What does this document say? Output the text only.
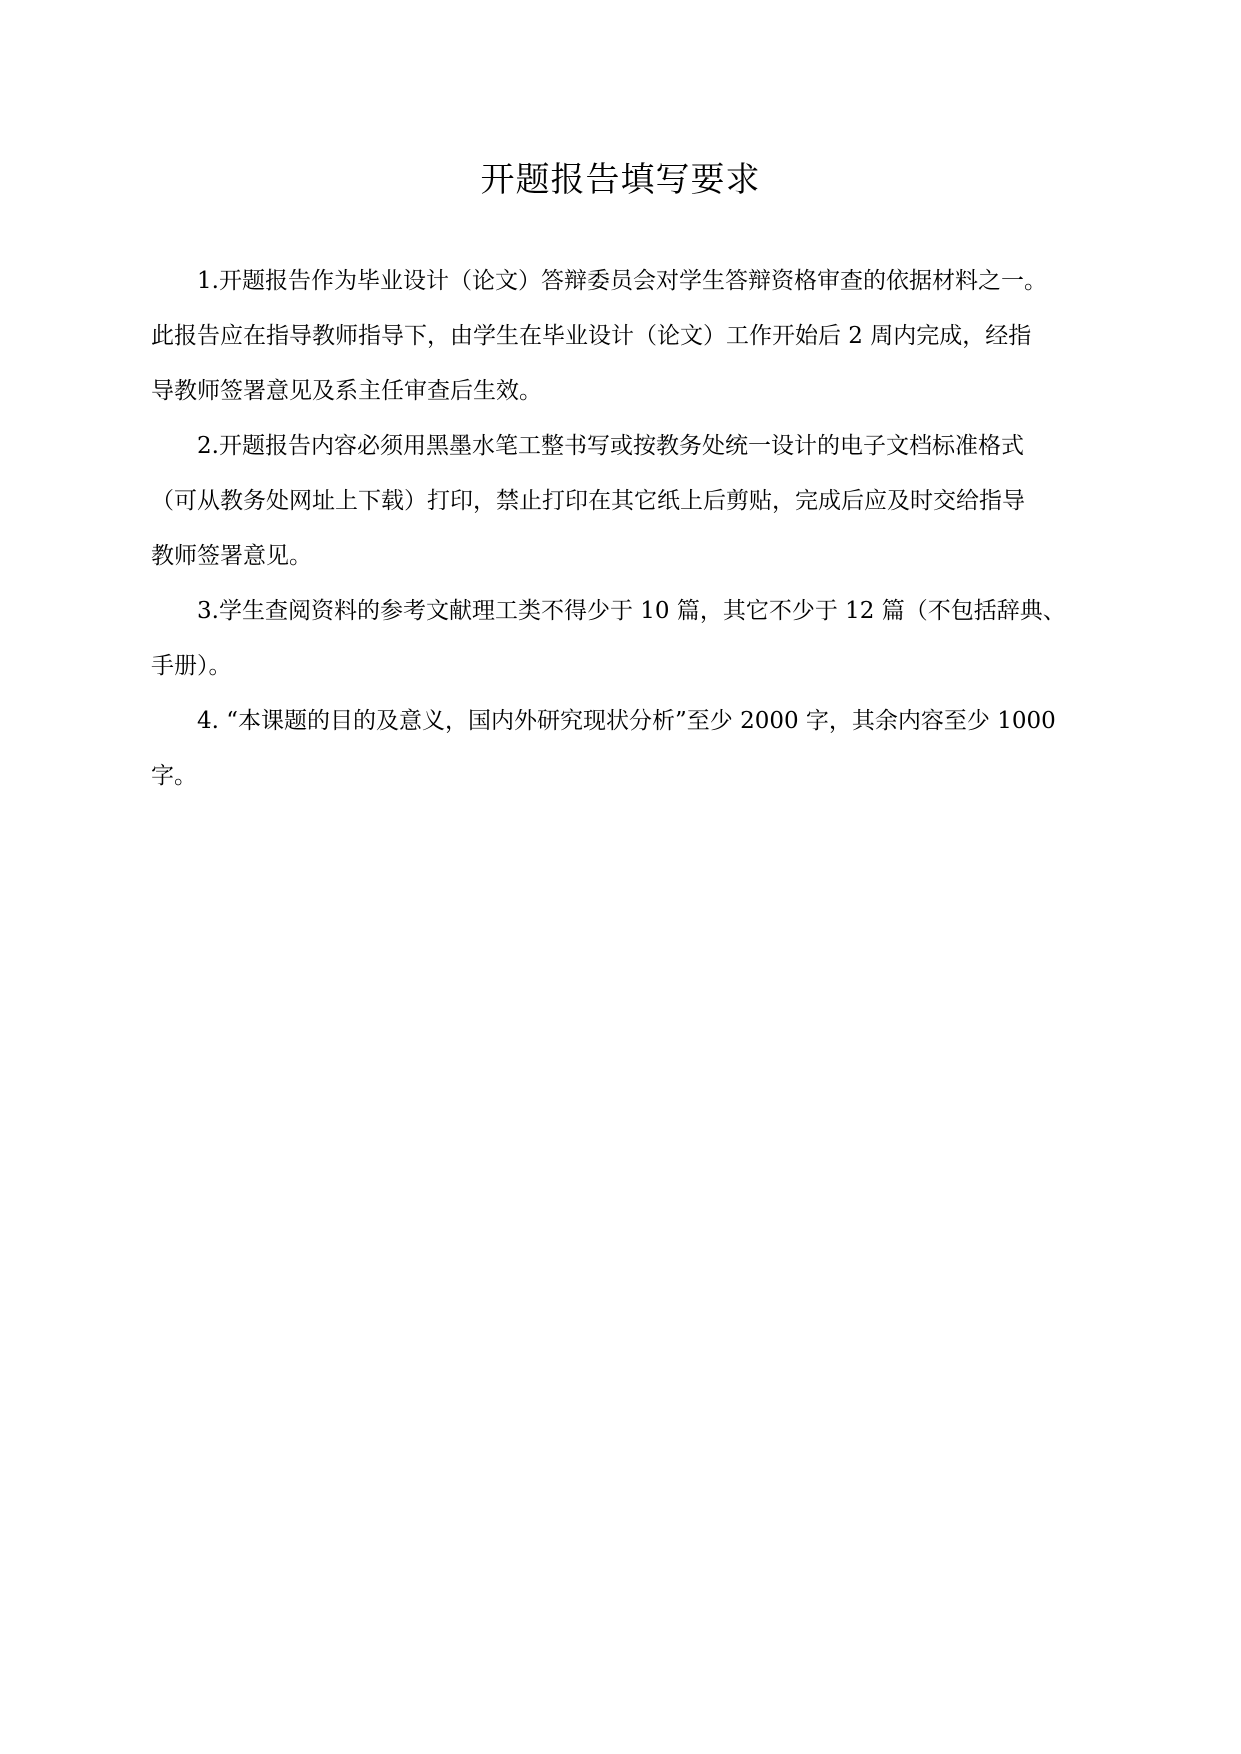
开题报告填写要求
1.开题报告作为毕业设计（论文）答辩委员会对学生答辩资格审查的依据材料之一。
此报告应在指导教师指导下，由学生在毕业设计（论文）工作开始后 2 周内完成，经指
导教师签署意见及系主任审查后生效。
2.开题报告内容必须用黑墨水笔工整书写或按教务处统一设计的电子文档标准格式
（可从教务处网址上下载）打印，禁止打印在其它纸上后剪贴，完成后应及时交给指导
教师签署意见。
3.学生查阅资料的参考文献理工类不得少于 10 篇，其它不少于 12 篇（不包括辞典、
手册）。
4. “本课题的目的及意义，国内外研究现状分析”至少 2000 字，其余内容至少 1000
字。
